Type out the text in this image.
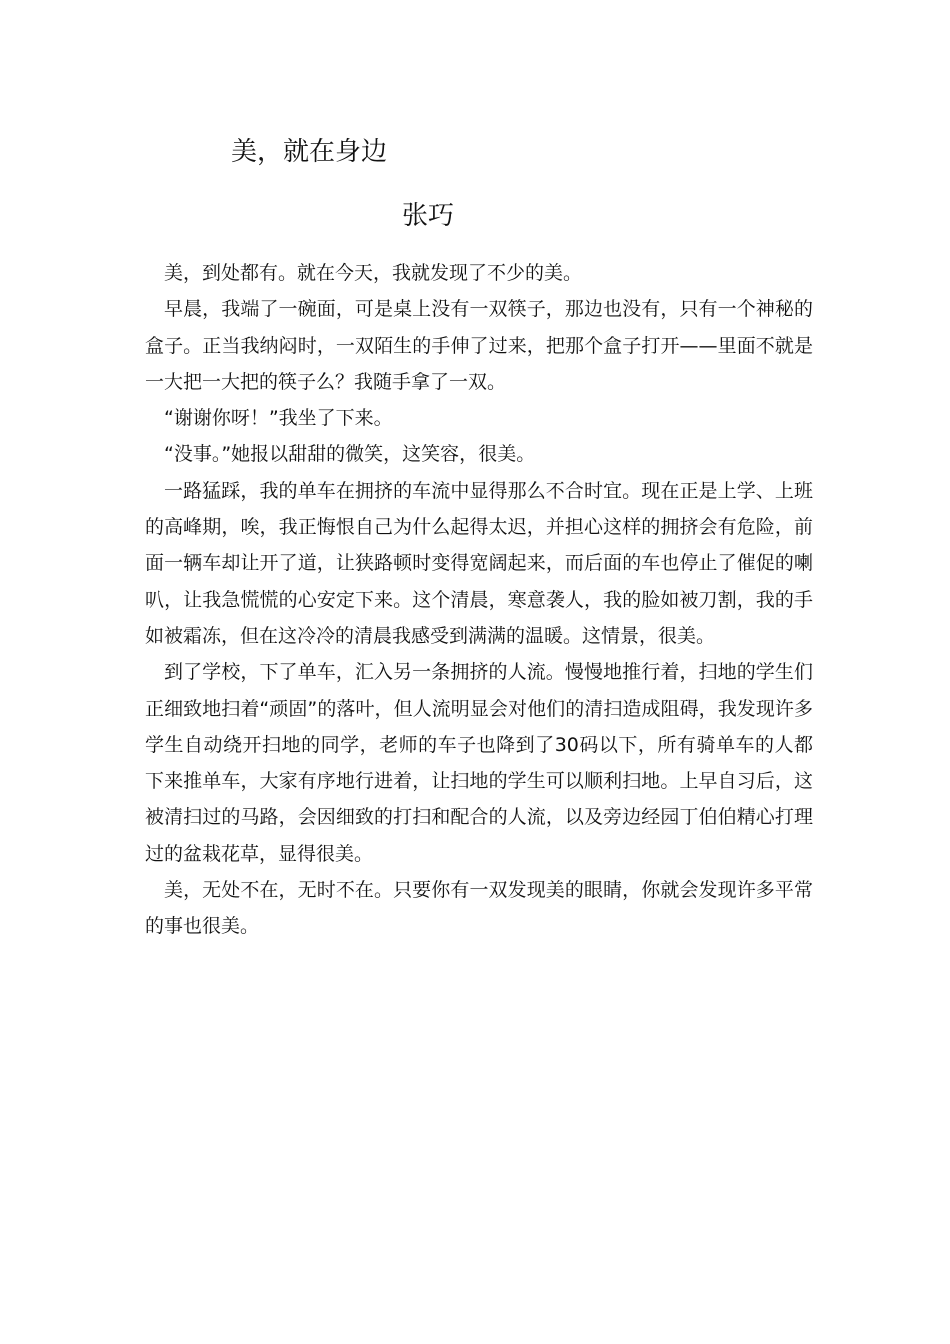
美，就在身边
张巧

美，到处都有。就在今天，我就发现了不少的美。

早晨，我端了一碗面，可是桌上没有一双筷子，那边也没有，只有一个神秘的盒子。正当我纳闷时，一双陌生的手伸了过来，把那个盒子打开——里面不就是一大把一大把的筷子么？我随手拿了一双。

“谢谢你呀！”我坐了下来。

“没事。”她报以甜甜的微笑，这笑容，很美。

一路猛踩，我的单车在拥挤的车流中显得那么不合时宜。现在正是上学、上班的高峰期，唉，我正悔恨自己为什么起得太迟，并担心这样的拥挤会有危险，前面一辆车却让开了道，让狭路顿时变得宽阔起来，而后面的车也停止了催促的喇叭，让我急慌慌的心安定下来。这个清晨，寒意袭人，我的脸如被刀割，我的手如被霜冻，但在这冷冷的清晨我感受到满满的温暖。这情景，很美。

到了学校，下了单车，汇入另一条拥挤的人流。慢慢地推行着，扫地的学生们正细致地扫着“顽固”的落叶，但人流明显会对他们的清扫造成阻碍，我发现许多学生自动绕开扫地的同学，老师的车子也降到了30码以下，所有骑单车的人都下来推单车，大家有序地行进着，让扫地的学生可以顺利扫地。上早自习后，这被清扫过的马路，会因细致的打扫和配合的人流，以及旁边经园丁伯伯精心打理过的盆栽花草，显得很美。

美，无处不在，无时不在。只要你有一双发现美的眼睛，你就会发现许多平常的事也很美。
